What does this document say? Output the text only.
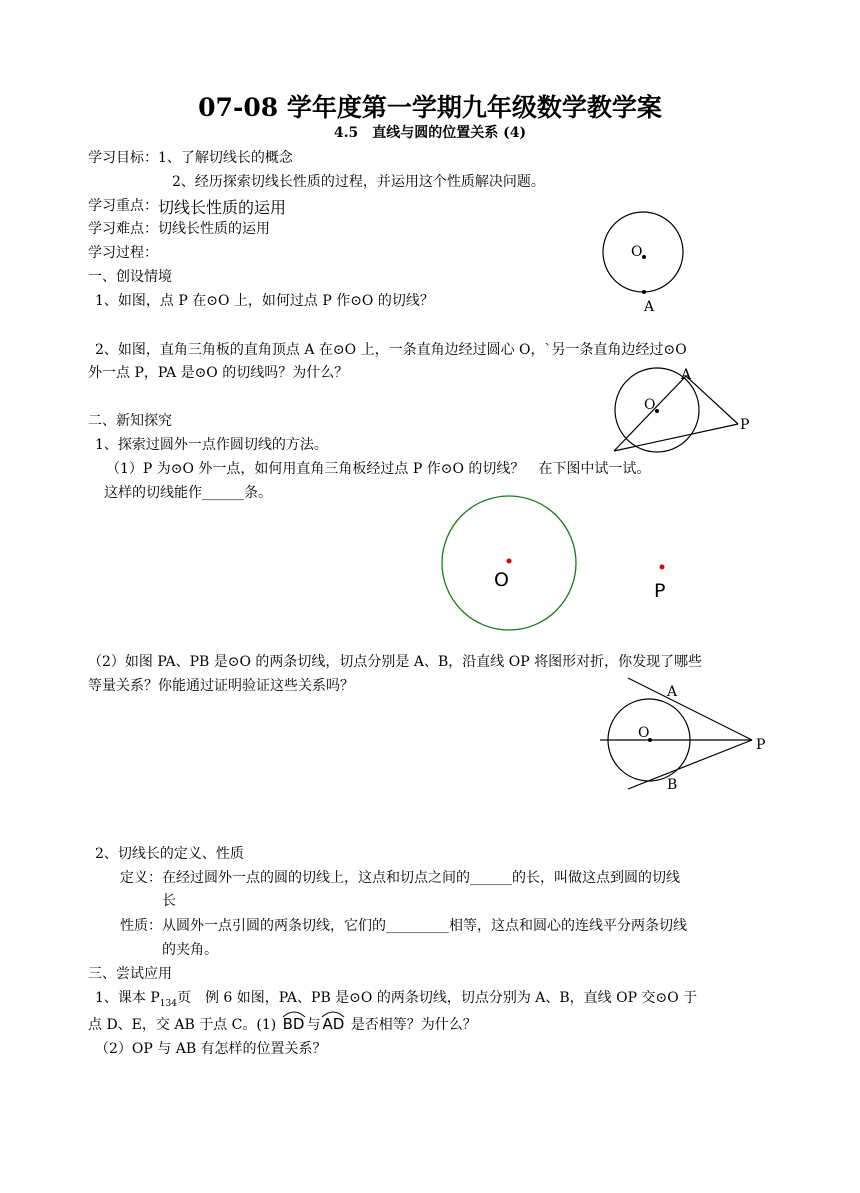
07-08 学年度第一学期九年级数学教学案
4.5　直线与圆的位置关系 (4)
学习目标： 1、了解切线长的概念
2、经历探索切线长性质的过程，并运用这个性质解决问题。
学习重点： 切线长性质的运用
学习难点： 切线长性质的运用
学习过程：
一、创设情境
1、如图，点 P 在⊙O 上，如何过点 P 作⊙O 的切线？
2、如图，直角三角板的直角顶点 A 在⊙O 上，一条直角边经过圆心 O，`另一条直角边经过⊙O
外一点 P，PA 是⊙O 的切线吗？为什么？
二、新知探究
1、探索过圆外一点作圆切线的方法。
（1）P 为⊙O 外一点，如何用直角三角板经过点 P 作⊙O 的切线？　在下图中试一试。
这样的切线能作______条。
（2）如图 PA、PB 是⊙O 的两条切线，切点分别是 A、B，沿直线 OP 将图形对折，你发现了哪些
等量关系？你能通过证明验证这些关系吗？
2、切线长的定义、性质
定义：在经过圆外一点的圆的切线上，这点和切点之间的______的长，叫做这点到圆的切线
长
性质：从圆外一点引圆的两条切线，它们的_________相等，这点和圆心的连线平分两条切线
的夹角。
三、尝试应用
1、课本 $P_{134}$页　例 6 如图，PA、PB 是⊙O 的两条切线，切点分别为 A、B，直线 OP 交⊙O 于
点 D、E，交 AB 于点 C。(1) BD 与 AD 是否相等？为什么？
（2）OP 与 AB 有怎样的位置关系？
O
A
O
A
P
O	P
O
A
B
P
